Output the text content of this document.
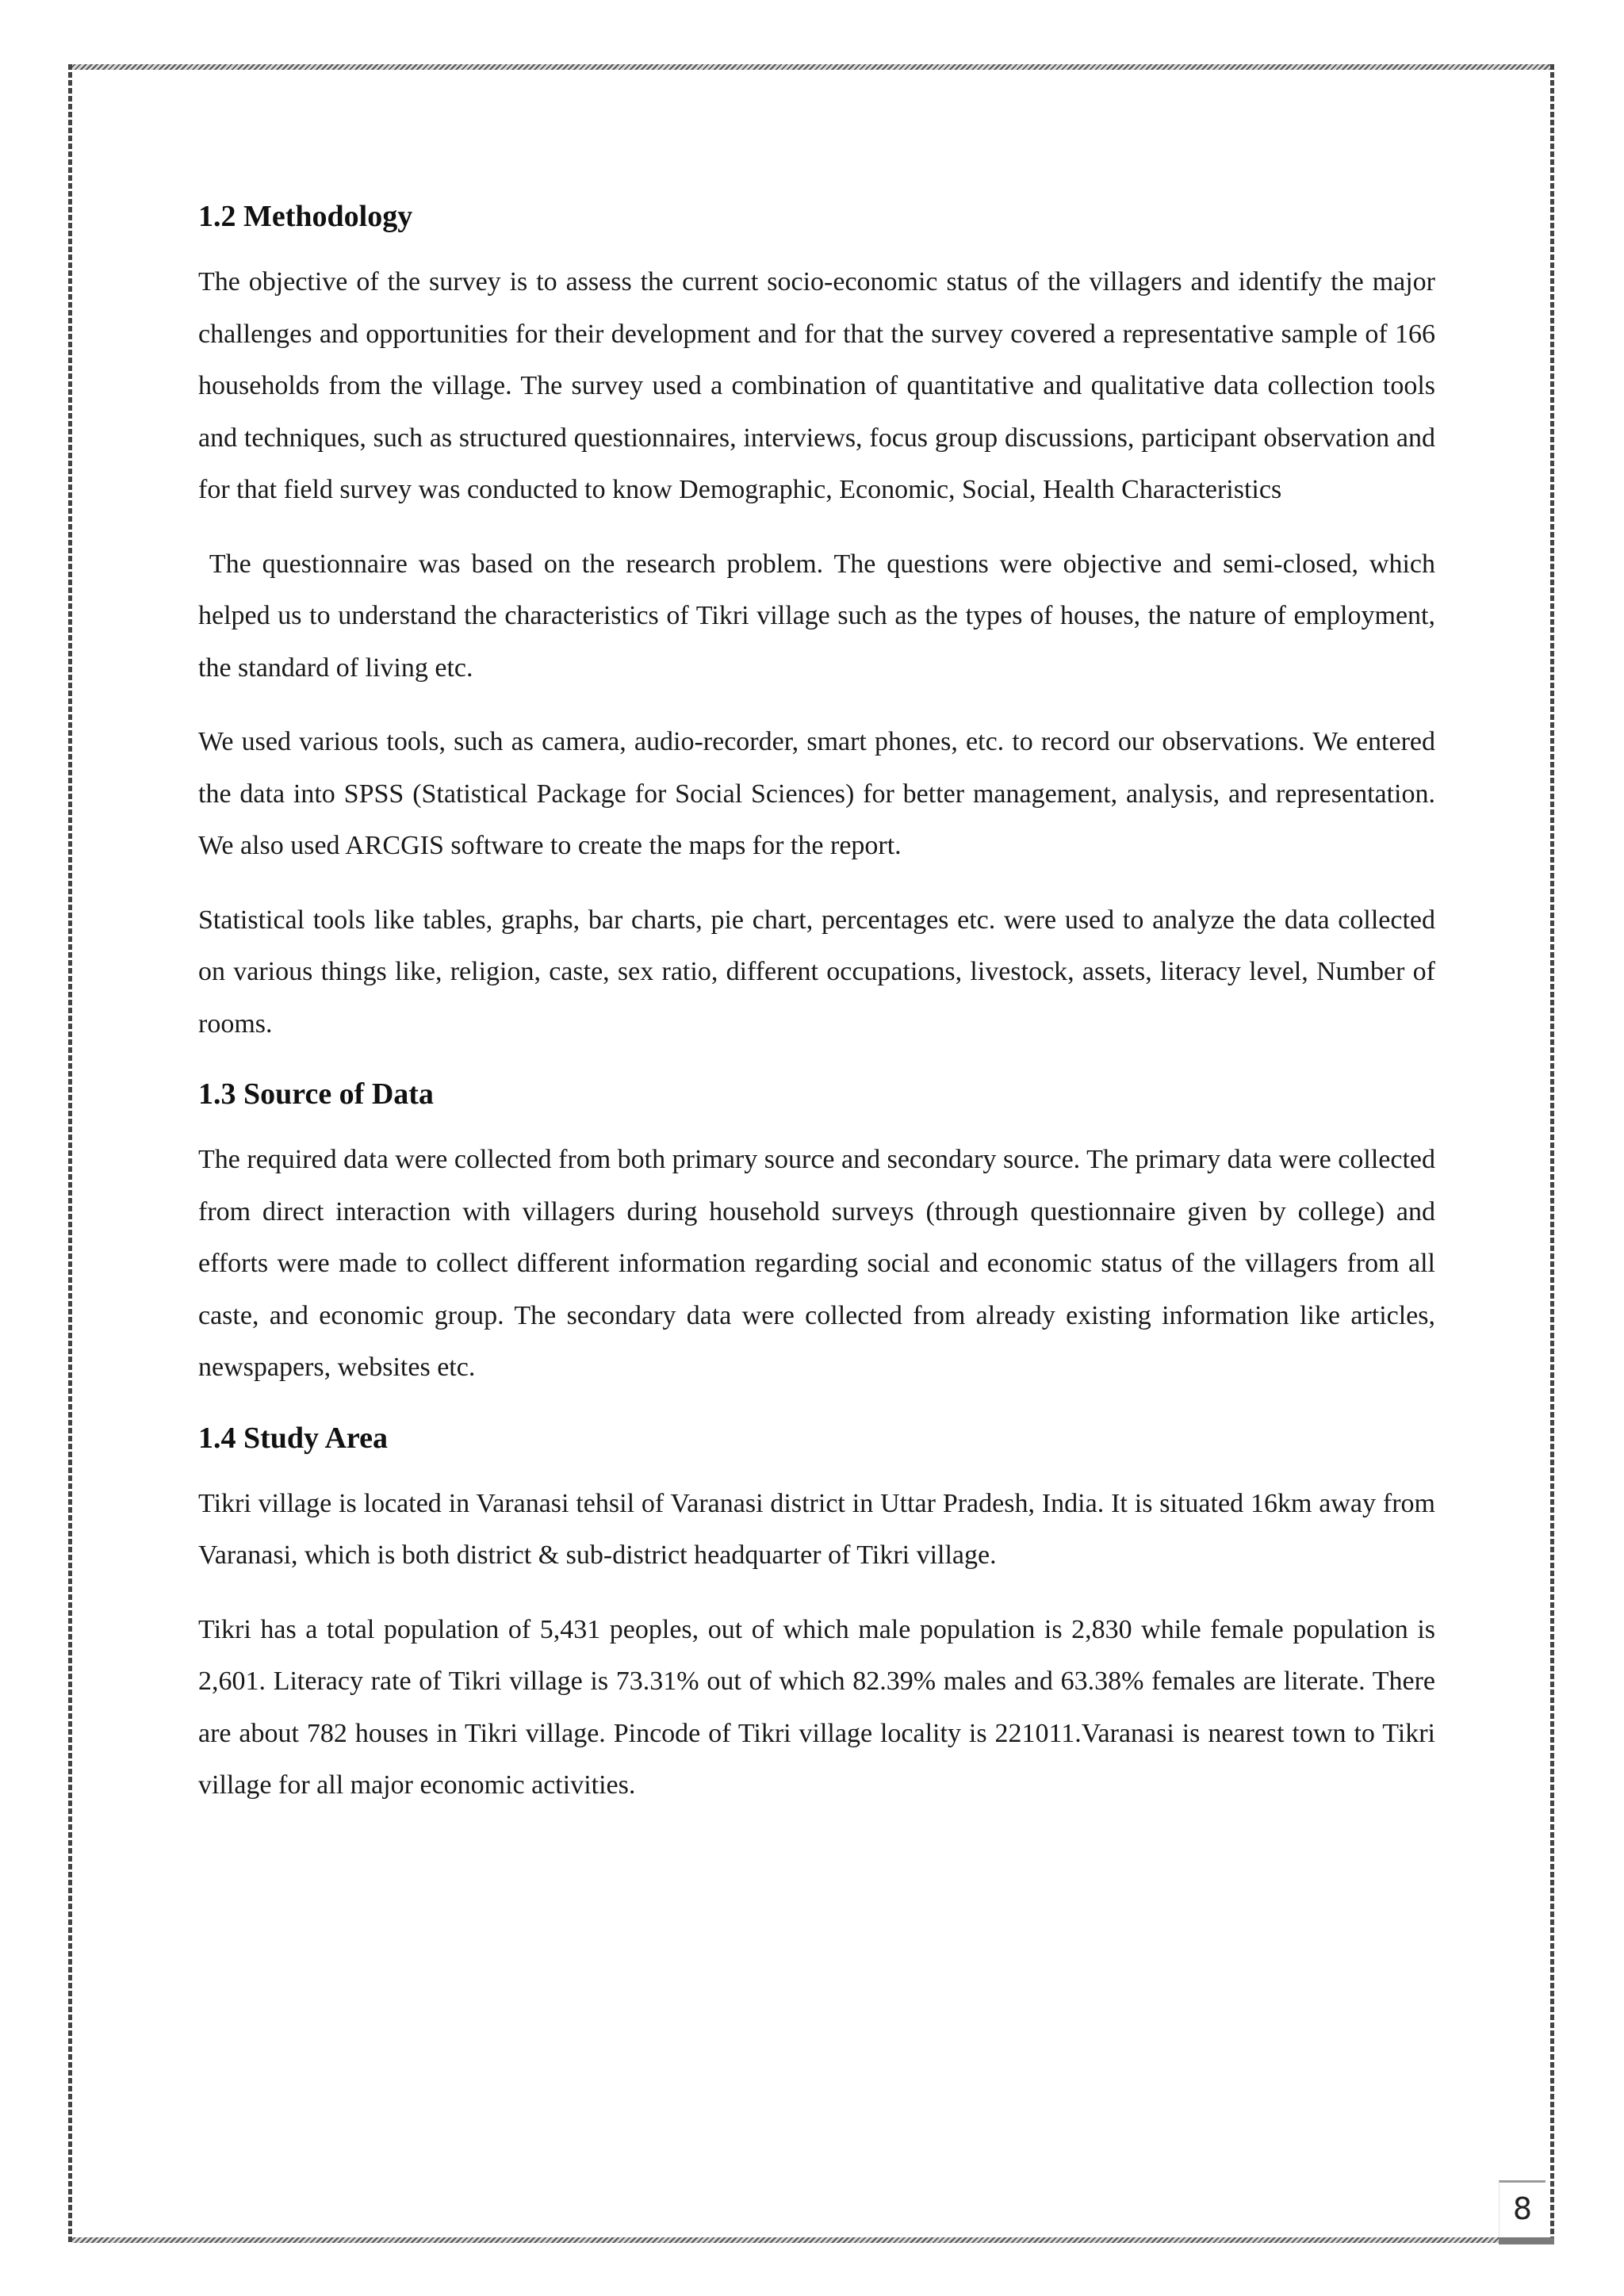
1.2 Methodology

The objective of the survey is to assess the current socio-economic status of the villagers and identify the major challenges and opportunities for their development and for that the survey covered a representative sample of 166 households from the village. The survey used a combination of quantitative and qualitative data collection tools and techniques, such as structured questionnaires, interviews, focus group discussions, participant observation and for that field survey was conducted to know Demographic, Economic, Social, Health Characteristics

The questionnaire was based on the research problem. The questions were objective and semi-closed, which helped us to understand the characteristics of Tikri village such as the types of houses, the nature of employment, the standard of living etc.

We used various tools, such as camera, audio-recorder, smart phones, etc. to record our observations. We entered the data into SPSS (Statistical Package for Social Sciences) for better management, analysis, and representation. We also used ARCGIS software to create the maps for the report.

Statistical tools like tables, graphs, bar charts, pie chart, percentages etc. were used to analyze the data collected on various things like, religion, caste, sex ratio, different occupations, livestock, assets, literacy level, Number of rooms.

1.3 Source of Data

The required data were collected from both primary source and secondary source. The primary data were collected from direct interaction with villagers during household surveys (through questionnaire given by college) and efforts were made to collect different information regarding social and economic status of the villagers from all caste, and economic group. The secondary data were collected from already existing information like articles, newspapers, websites etc.

1.4 Study Area

Tikri village is located in Varanasi tehsil of Varanasi district in Uttar Pradesh, India. It is situated 16km away from Varanasi, which is both district & sub-district headquarter of Tikri village.

Tikri has a total population of 5,431 peoples, out of which male population is 2,830 while female population is 2,601. Literacy rate of Tikri village is 73.31% out of which 82.39% males and 63.38% females are literate. There are about 782 houses in Tikri village. Pincode of Tikri village locality is 221011.Varanasi is nearest town to Tikri village for all major economic activities.

8
